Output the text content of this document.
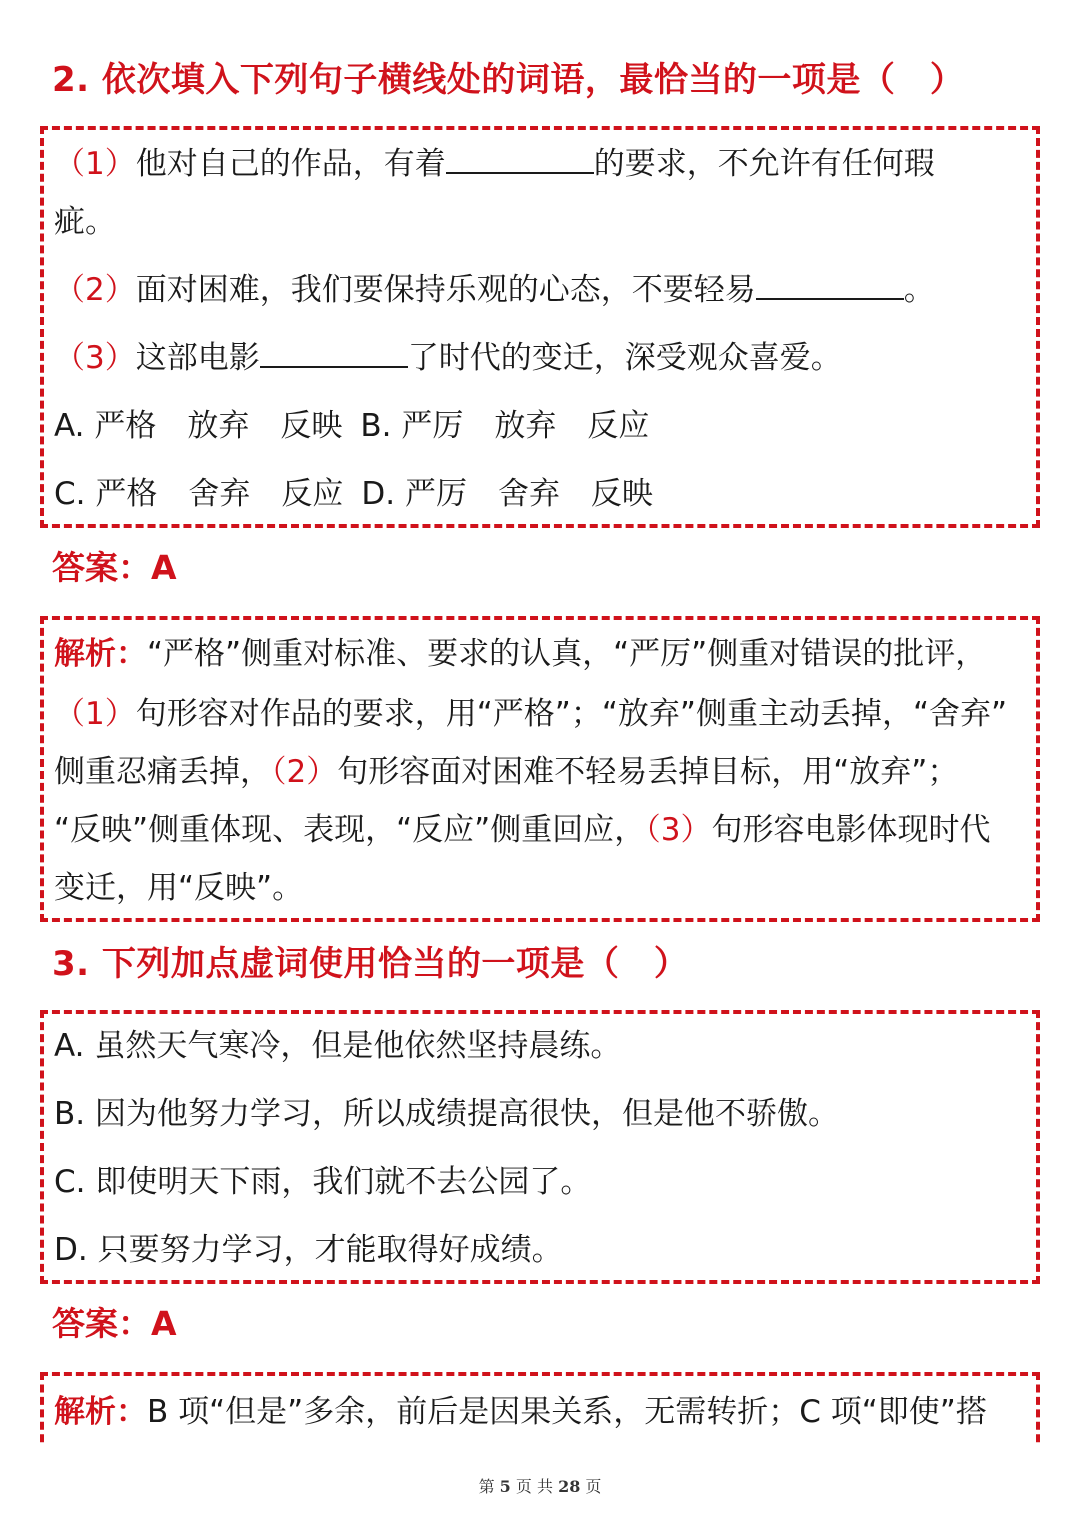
2. 依次填入下列句子横线处的词语，最恰当的一项是（　）
（1）他对自己的作品，有着	的要求，不允许有任何瑕
疵。
（2）面对困难，我们要保持乐观的心态，不要轻易	。
（3）这部电影	了时代的变迁，深受观众喜爱。
A. 严格　放弃　反映 B. 严厉　放弃　反应
C. 严格　舍弃　反应 D. 严厉　舍弃　反映
答案：A
解析：“严格”侧重对标准、要求的认真，“严厉”侧重对错误的批评，
（1）句形容对作品的要求，用“严格”；“放弃”侧重主动丢掉，“舍弃”
侧重忍痛丢掉，（2）句形容面对困难不轻易丢掉目标，用“放弃”；
“反映”侧重体现、表现，“反应”侧重回应，（3）句形容电影体现时代
变迁，用“反映”。
3. 下列加点虚词使用恰当的一项是（　）
A. 虽然天气寒冷，但是他依然坚持晨练。
B. 因为他努力学习，所以成绩提高很快，但是他不骄傲。
C. 即使明天下雨，我们就不去公园了。
D. 只要努力学习，才能取得好成绩。
答案：A
解析：B 项“但是”多余，前后是因果关系，无需转折；C 项“即使”搭
第 5 页 共 28 页
